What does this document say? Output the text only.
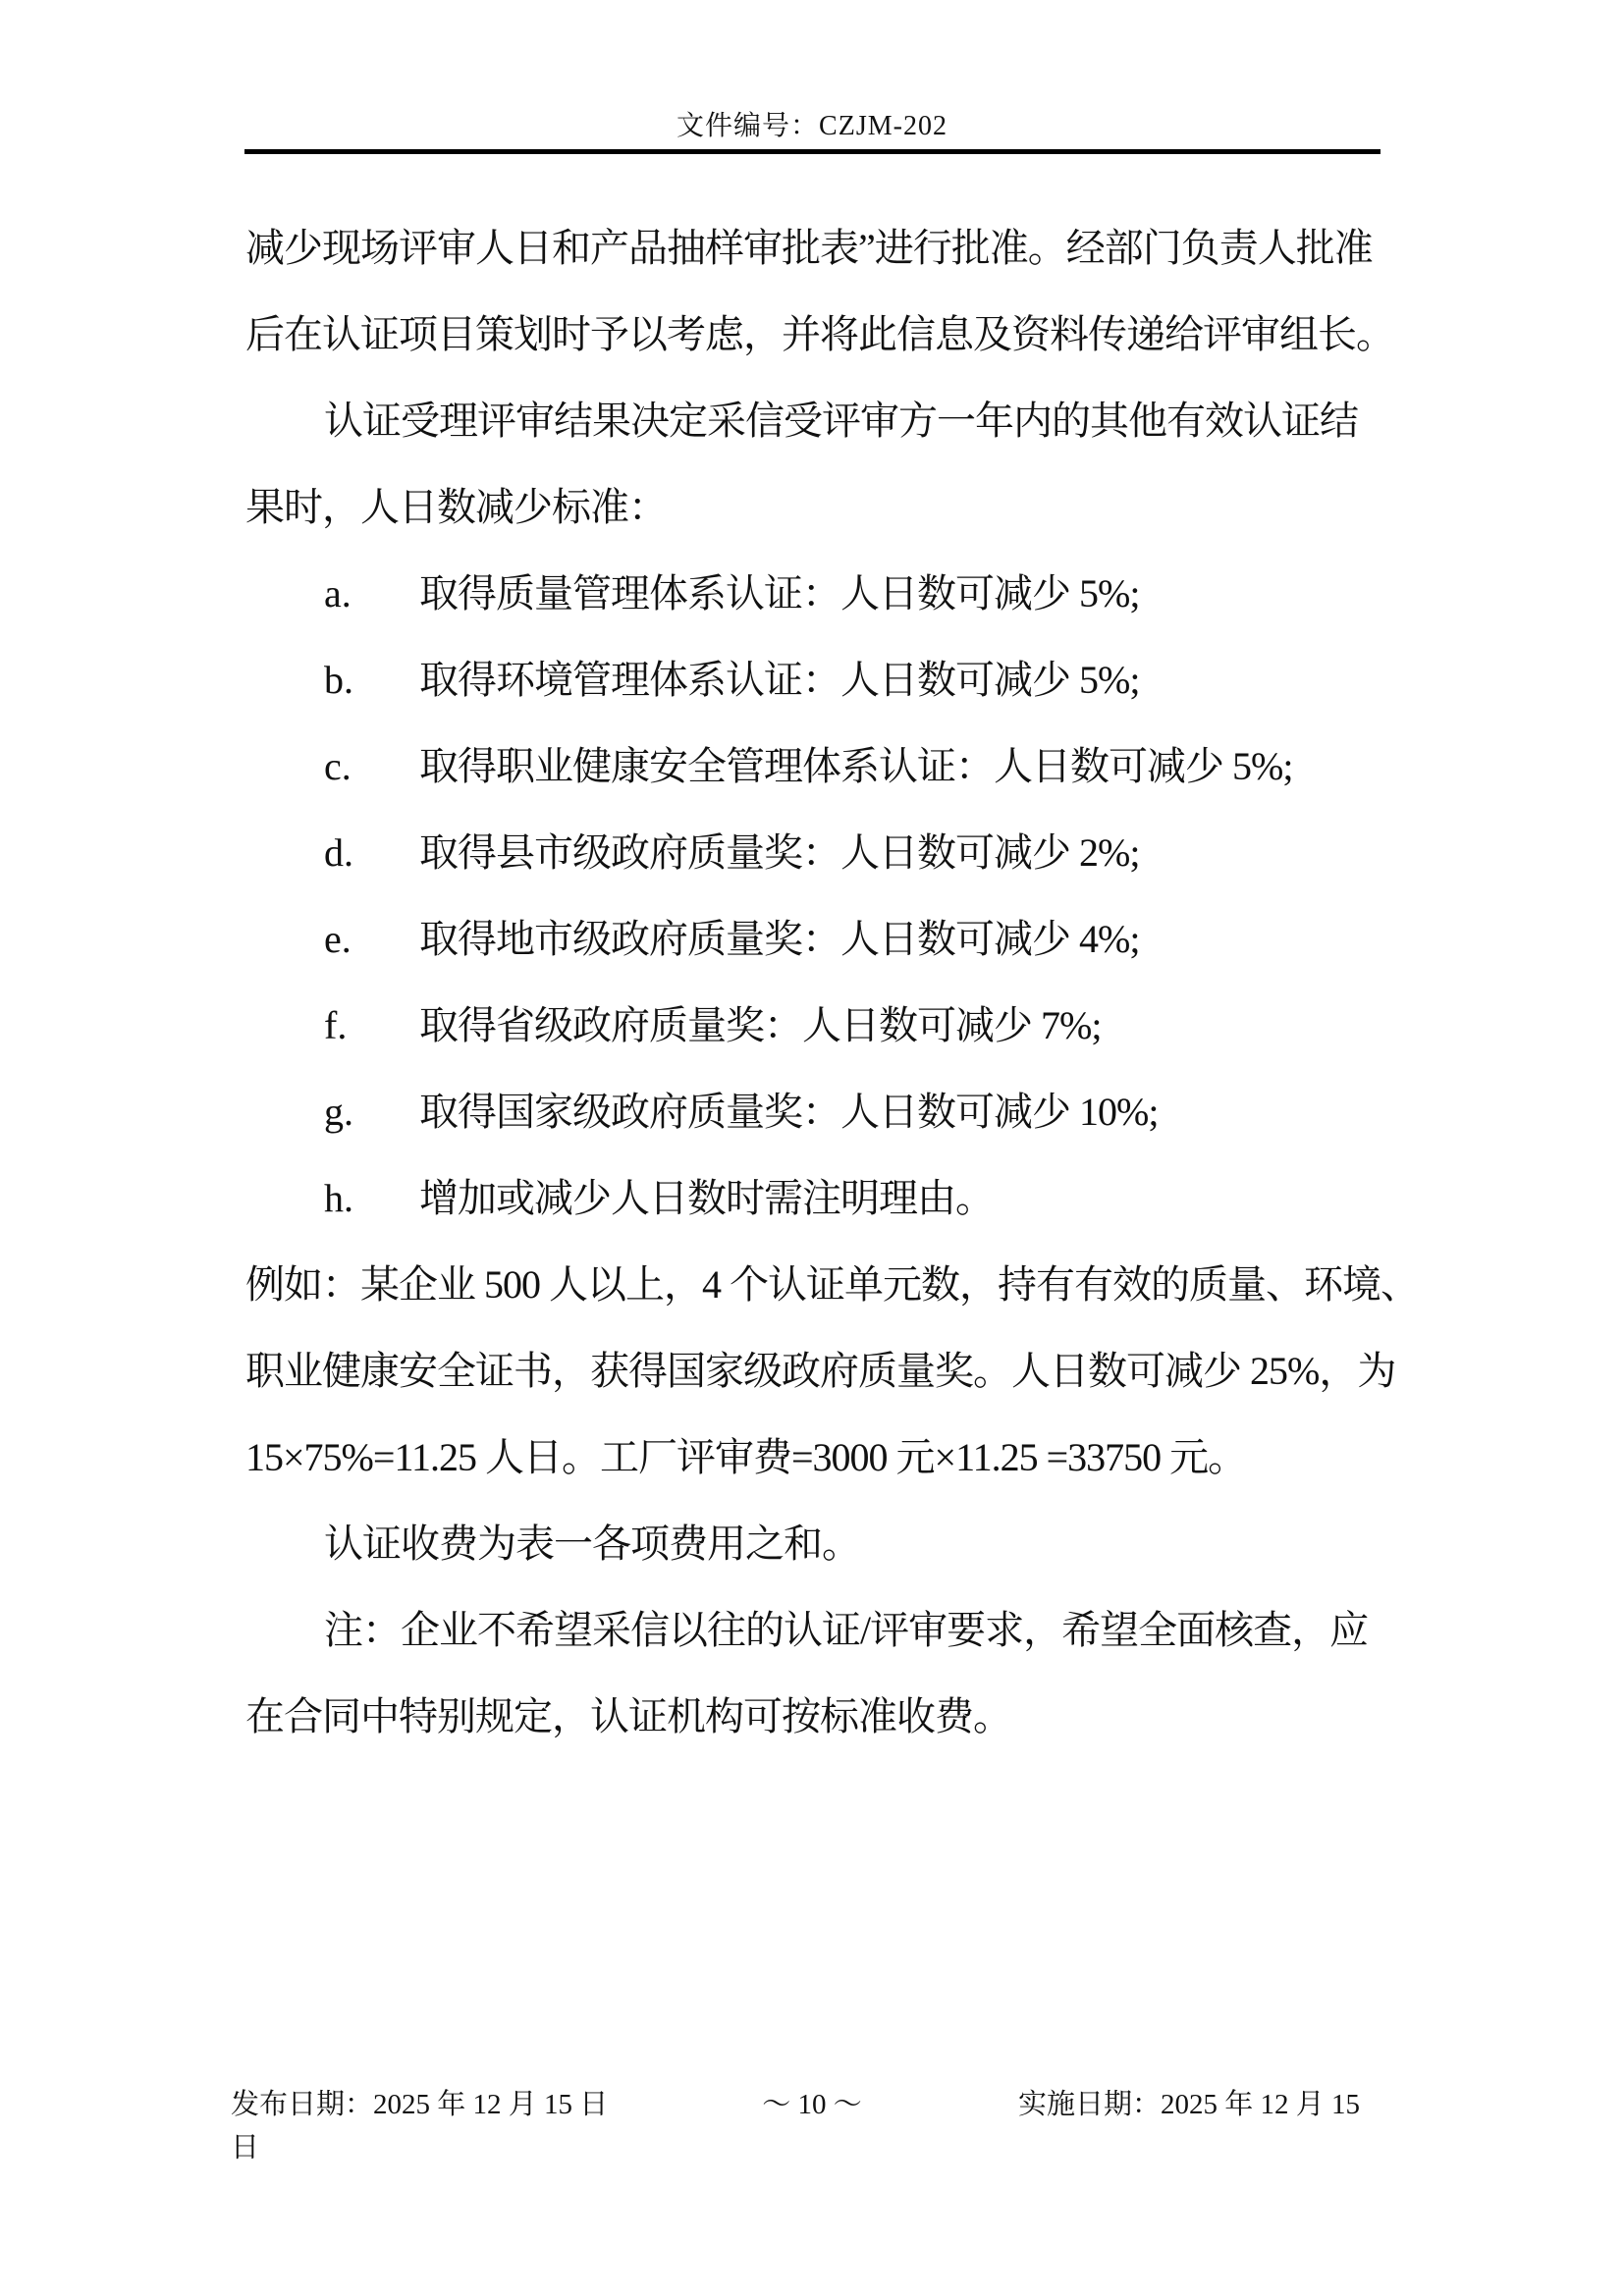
文件编号：CZJM-202
减少现场评审人日和产品抽样审批表”进行批准。经部门负责人批准
后在认证项目策划时予以考虑，并将此信息及资料传递给评审组长。
认证受理评审结果决定采信受评审方一年内的其他有效认证结
果时，人日数减少标准：
a. 取得质量管理体系认证：人日数可减少 5%;
b. 取得环境管理体系认证：人日数可减少 5%;
c. 取得职业健康安全管理体系认证：人日数可减少 5%;
d. 取得县市级政府质量奖：人日数可减少 2%;
e. 取得地市级政府质量奖：人日数可减少 4%;
f. 取得省级政府质量奖：人日数可减少 7%;
g. 取得国家级政府质量奖：人日数可减少 10%;
h. 增加或减少人日数时需注明理由。
例如：某企业 500 人以上，4 个认证单元数，持有有效的质量、环境、
职业健康安全证书，获得国家级政府质量奖。人日数可减少 25%，为
15×75%=11.25 人日。工厂评审费=3000 元×11.25 =33750 元。
认证收费为表一各项费用之和。
注：企业不希望采信以往的认证/评审要求，希望全面核查，应
在合同中特别规定，认证机构可按标准收费。
发布日期：2025 年 12 月 15 日	～ 10 ～	实施日期：2025 年 12 月 15
日
